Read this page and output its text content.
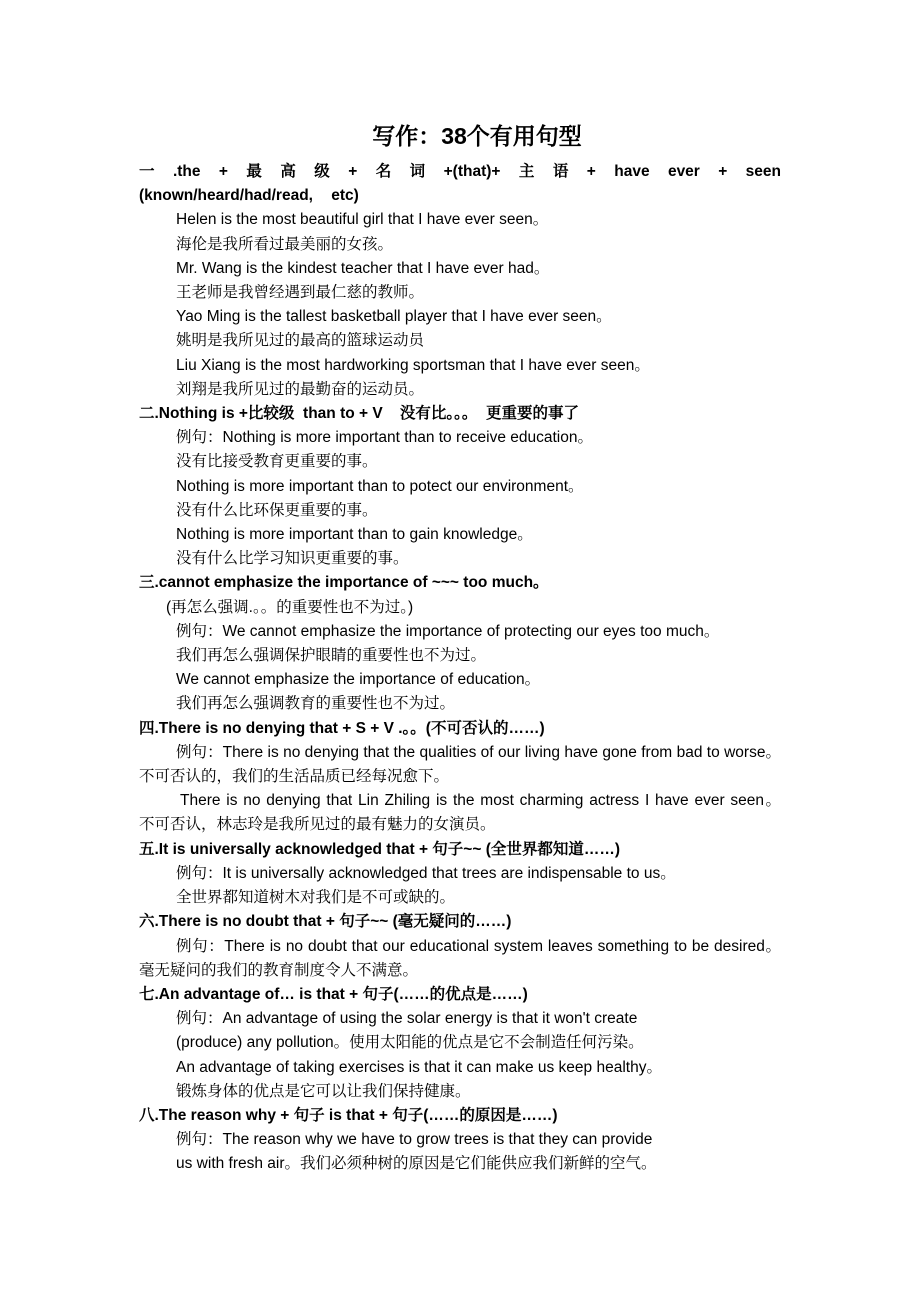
写作：38个有用句型
一 .the + 最 高 级 + 名 词 +(that)+ 主 语 + have ever + seen (known/heard/had/read, etc)
Helen is the most beautiful girl that I have ever seen。
海伦是我所看过最美丽的女孩。
Mr. Wang is the kindest teacher that I have ever had。
王老师是我曾经遇到最仁慈的教师。
Yao Ming is the tallest basketball player that I have ever seen。
姚明是我所见过的最高的篮球运动员
Liu Xiang is the most hardworking sportsman that I have ever seen。
刘翔是我所见过的最勤奋的运动员。
二.Nothing is +比较级  than to + V    没有比。。。  更重要的事了
例句：Nothing is more important than to receive education。
没有比接受教育更重要的事。
Nothing is more important than to potect our environment。
没有什么比环保更重要的事。
Nothing is more important than to gain knowledge。
没有什么比学习知识更重要的事。
三.cannot emphasize the importance of ~~~ too much。
(再怎么强调.。。的重要性也不为过。)
例句：We cannot emphasize the importance of protecting our eyes too much。
我们再怎么强调保护眼睛的重要性也不为过。
We cannot emphasize the importance of education。
我们再怎么强调教育的重要性也不为过。
四.There is no denying that + S + V .。。(不可否认的……)
例句：There is no denying that the qualities of our living have gone from bad to worse。  不可否认的，我们的生活品质已经每况愈下。
There is no denying that Lin Zhiling is the most charming actress I have ever seen。  不可否认，林志玲是我所见过的最有魅力的女演员。
五.It is universally acknowledged that + 句子~~ (全世界都知道……)
例句：It is universally acknowledged that trees are indispensable to us。
全世界都知道树木对我们是不可或缺的。
六.There is no doubt that + 句子~~ (毫无疑问的……)
例句：There is no doubt that our educational system leaves something to be desired。   毫无疑问的我们的教育制度令人不满意。
七.An advantage of… is that + 句子(……的优点是……)
例句：An advantage of using the solar energy is that it won't create
(produce) any pollution。使用太阳能的优点是它不会制造任何污染。
An advantage of taking exercises is that it can make us keep healthy。
锻炼身体的优点是它可以让我们保持健康。
八.The reason why + 句子 is that + 句子(……的原因是……)
例句：The reason why we have to grow trees is that they can provide
us with fresh air。我们必须种树的原因是它们能供应我们新鲜的空气。
